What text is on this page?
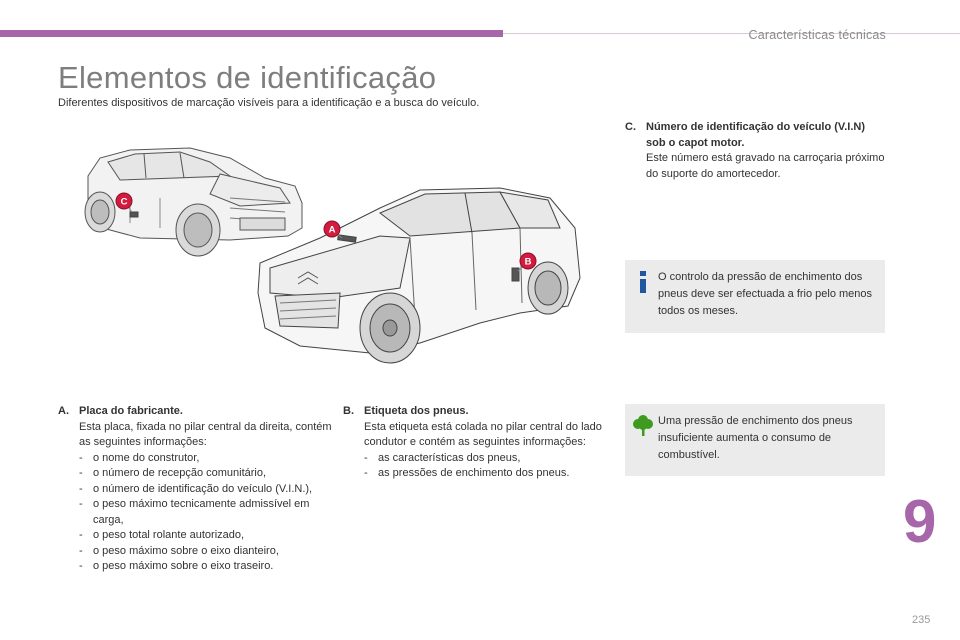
Características técnicas
Elementos de identificação
Diferentes dispositivos de marcação visíveis para a identificação e a busca do veículo.
C
A
B
A. Placa do fabricante.
Esta placa, fixada no pilar central da direita, contém as seguintes informações:
- o nome do construtor,
- o número de recepção comunitário,
- o número de identificação do veículo (V.I.N.),
- o peso máximo tecnicamente admissível em carga,
- o peso total rolante autorizado,
- o peso máximo sobre o eixo dianteiro,
- o peso máximo sobre o eixo traseiro.
B. Etiqueta dos pneus.
Esta etiqueta está colada no pilar central do lado condutor e contém as seguintes informações:
- as características dos pneus,
- as pressões de enchimento dos pneus.
C. Número de identificação do veículo (V.I.N) sob o capot motor.
Este número está gravado na carroçaria próximo do suporte do amortecedor.
O controlo da pressão de enchimento dos pneus deve ser efectuada a frio pelo menos todos os meses.
Uma pressão de enchimento dos pneus insuficiente aumenta o consumo de combustível.
9
235
